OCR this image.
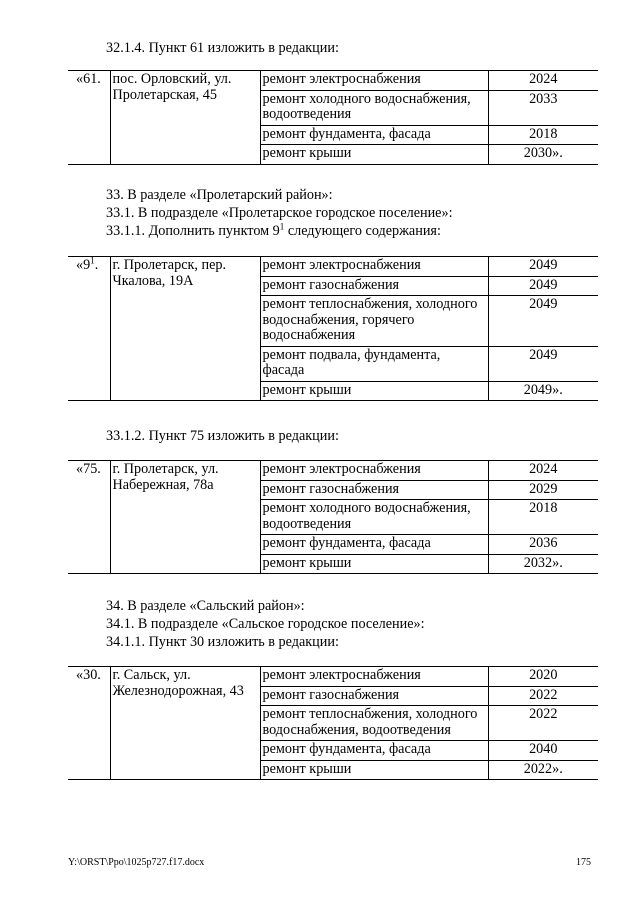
32.1.4. Пункт 61 изложить в редакции:
«61.	пос. Орловский, ул. Пролетарская, 45	ремонт электроснабжения	2024
		ремонт холодного водоснабжения, водоотведения	2033
		ремонт фундамента, фасада	2018
		ремонт крыши	2030».
33. В разделе «Пролетарский район»:
33.1. В подразделе «Пролетарское городское поселение»:
33.1.1. Дополнить пунктом $9^1$ следующего содержания:
«$9^1$.	г. Пролетарск, пер. Чкалова, 19А	ремонт электроснабжения	2049
		ремонт газоснабжения	2049
		ремонт теплоснабжения, холодного водоснабжения, горячего водоснабжения	2049
		ремонт подвала, фундамента, фасада	2049
		ремонт крыши	2049».
33.1.2. Пункт 75 изложить в редакции:
«75.	г. Пролетарск, ул. Набережная, 78а	ремонт электроснабжения	2024
		ремонт газоснабжения	2029
		ремонт холодного водоснабжения, водоотведения	2018
		ремонт фундамента, фасада	2036
		ремонт крыши	2032».
34. В разделе «Сальский район»:
34.1. В подразделе «Сальское городское поселение»:
34.1.1. Пункт 30 изложить в редакции:
«30.	г. Сальск, ул. Железнодорожная, 43	ремонт электроснабжения	2020
		ремонт газоснабжения	2022
		ремонт теплоснабжения, холодного водоснабжения, водоотведения	2022
		ремонт фундамента, фасада	2040
		ремонт крыши	2022».
Y:\ORST\Ppo\1025p727.f17.docx	175
